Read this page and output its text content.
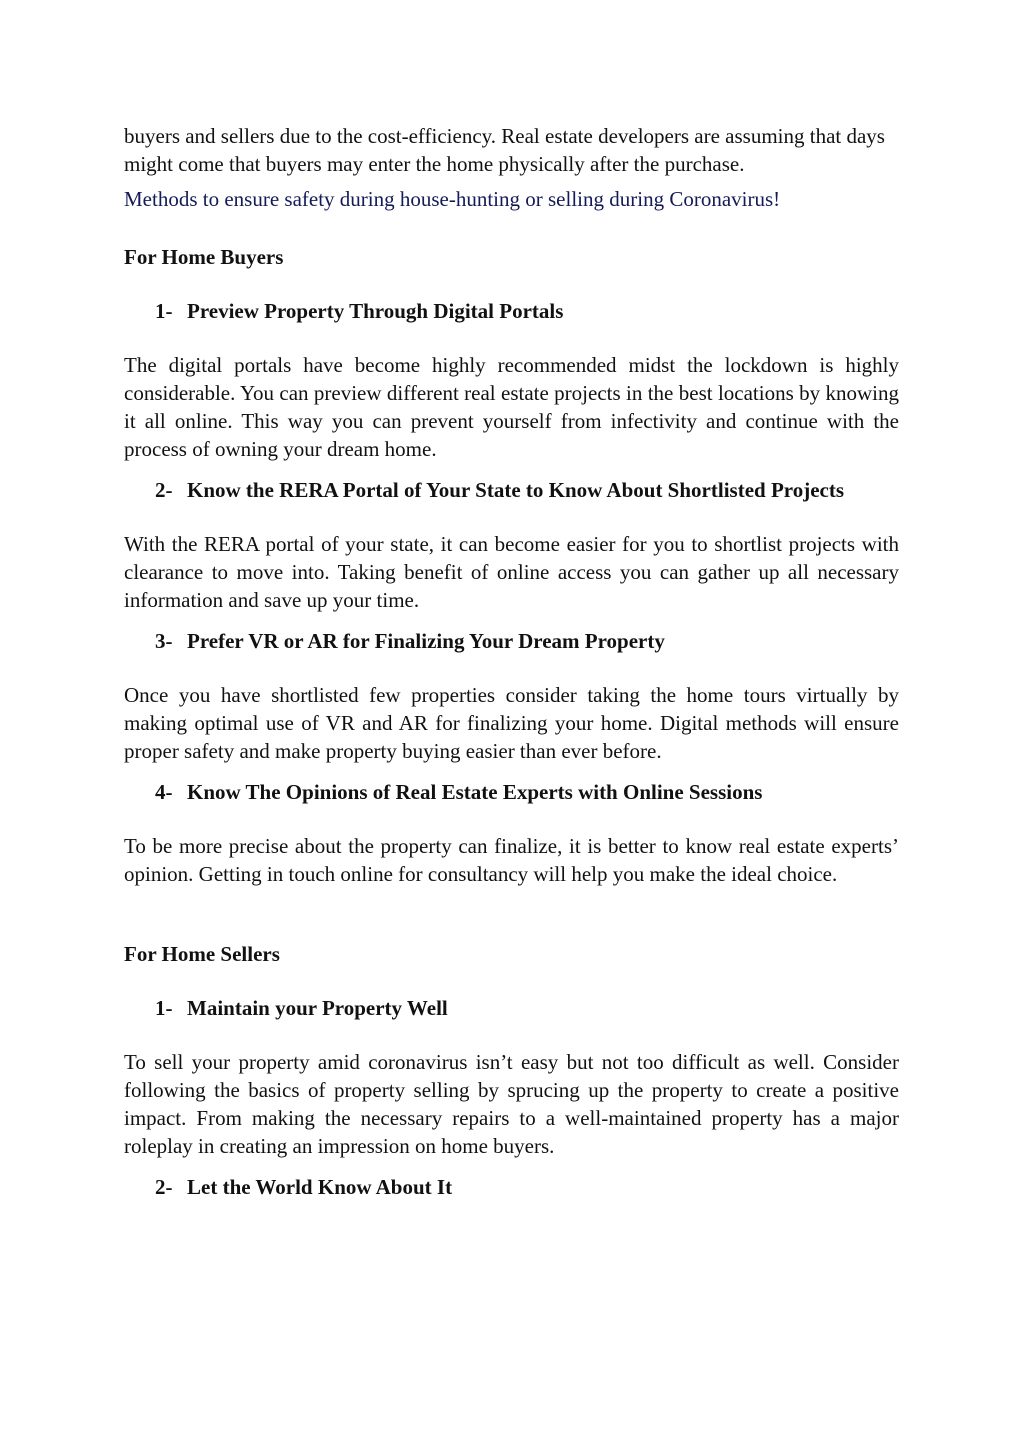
buyers and sellers due to the cost-efficiency. Real estate developers are assuming that days might come that buyers may enter the home physically after the purchase.

Methods to ensure safety during house-hunting or selling during Coronavirus!

For Home Buyers
1- Preview Property Through Digital Portals

The digital portals have become highly recommended midst the lockdown is highly considerable. You can preview different real estate projects in the best locations by knowing it all online. This way you can prevent yourself from infectivity and continue with the process of owning your dream home.

2- Know the RERA Portal of Your State to Know About Shortlisted Projects

With the RERA portal of your state, it can become easier for you to shortlist projects with clearance to move into. Taking benefit of online access you can gather up all necessary information and save up your time.

3- Prefer VR or AR for Finalizing Your Dream Property

Once you have shortlisted few properties consider taking the home tours virtually by making optimal use of VR and AR for finalizing your home. Digital methods will ensure proper safety and make property buying easier than ever before.

4- Know The Opinions of Real Estate Experts with Online Sessions

To be more precise about the property can finalize, it is better to know real estate experts’ opinion. Getting in touch online for consultancy will help you make the ideal choice.

For Home Sellers
1- Maintain your Property Well

To sell your property amid coronavirus isn’t easy but not too difficult as well. Consider following the basics of property selling by sprucing up the property to create a positive impact. From making the necessary repairs to a well-maintained property has a major roleplay in creating an impression on home buyers.

2- Let the World Know About It
